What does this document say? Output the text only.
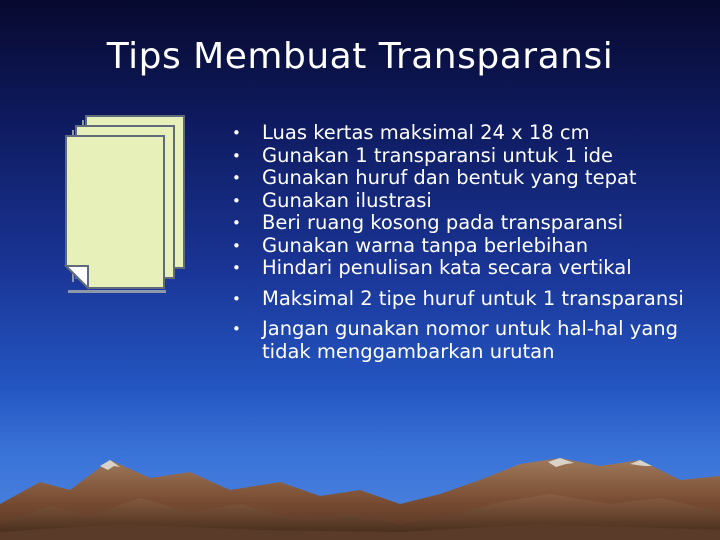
Tips Membuat Transparansi
• Luas kertas maksimal 24 x 18 cm
• Gunakan 1 transparansi untuk 1 ide
• Gunakan huruf dan bentuk yang tepat
• Gunakan ilustrasi
• Beri ruang kosong pada transparansi
• Gunakan warna tanpa berlebihan
• Hindari penulisan kata secara vertikal
• Maksimal 2 tipe huruf untuk 1 transparansi
• Jangan gunakan nomor untuk hal-hal yang tidak menggambarkan urutan
